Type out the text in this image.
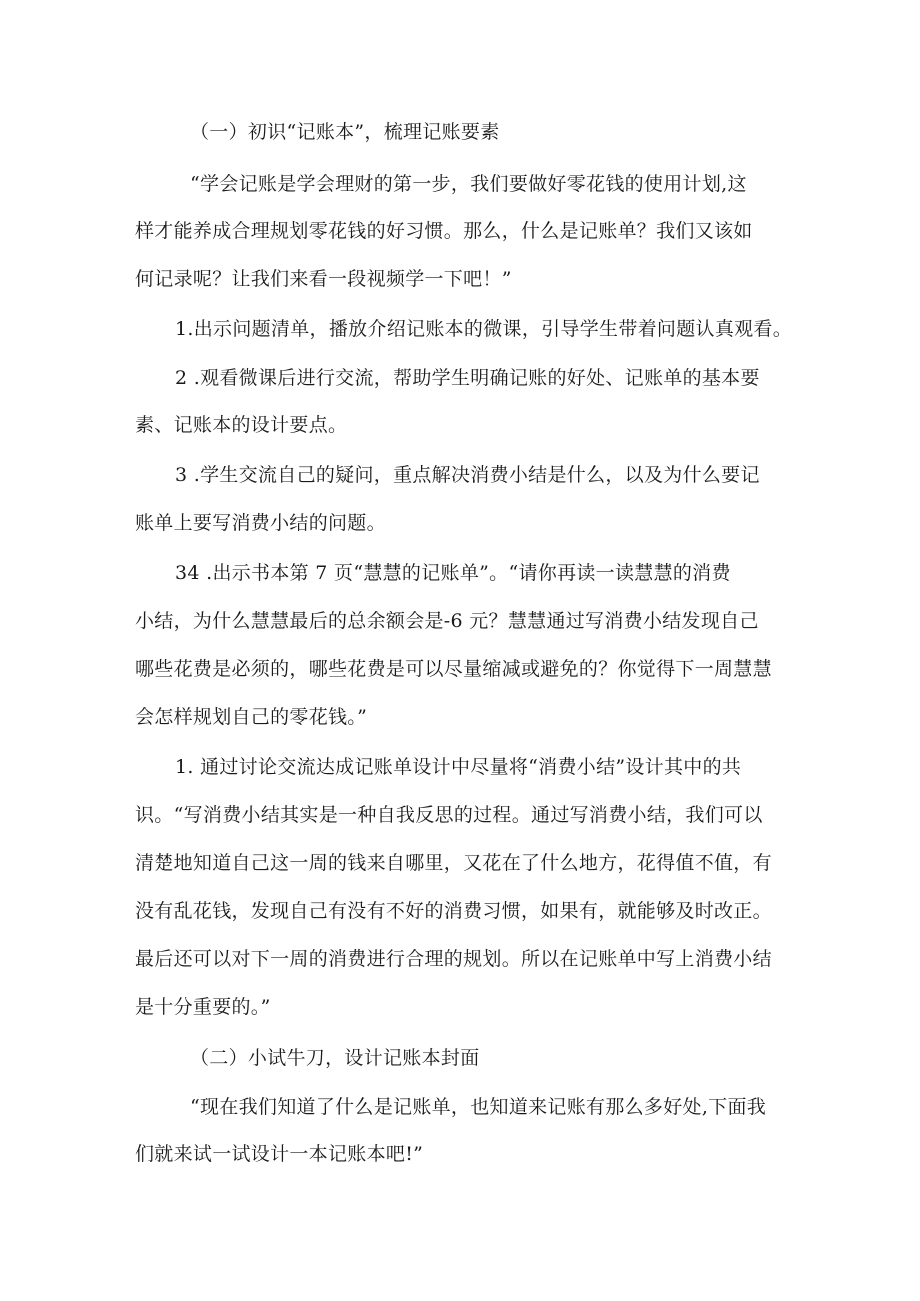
（一）初识“记账本”，梳理记账要素
“学会记账是学会理财的第一步，我们要做好零花钱的使用计划,这
样才能养成合理规划零花钱的好习惯。那么，什么是记账单？我们又该如
何记录呢？让我们来看一段视频学一下吧！”
1.出示问题清单，播放介绍记账本的微课，引导学生带着问题认真观看。
2 .观看微课后进行交流，帮助学生明确记账的好处、记账单的基本要
素、记账本的设计要点。
3 .学生交流自己的疑问，重点解决消费小结是什么，以及为什么要记
账单上要写消费小结的问题。
34 .出示书本第 7 页“慧慧的记账单”。“请你再读一读慧慧的消费
小结，为什么慧慧最后的总余额会是-6 元？慧慧通过写消费小结发现自己
哪些花费是必须的，哪些花费是可以尽量缩减或避免的？你觉得下一周慧慧
会怎样规划自己的零花钱。”
1. 通过讨论交流达成记账单设计中尽量将“消费小结”设计其中的共
识。“写消费小结其实是一种自我反思的过程。通过写消费小结，我们可以
清楚地知道自己这一周的钱来自哪里，又花在了什么地方，花得值不值，有
没有乱花钱，发现自己有没有不好的消费习惯，如果有，就能够及时改正。
最后还可以对下一周的消费进行合理的规划。所以在记账单中写上消费小结
是十分重要的。”
（二）小试牛刀，设计记账本封面
“现在我们知道了什么是记账单，也知道来记账有那么多好处,下面我
们就来试一试设计一本记账本吧!”
